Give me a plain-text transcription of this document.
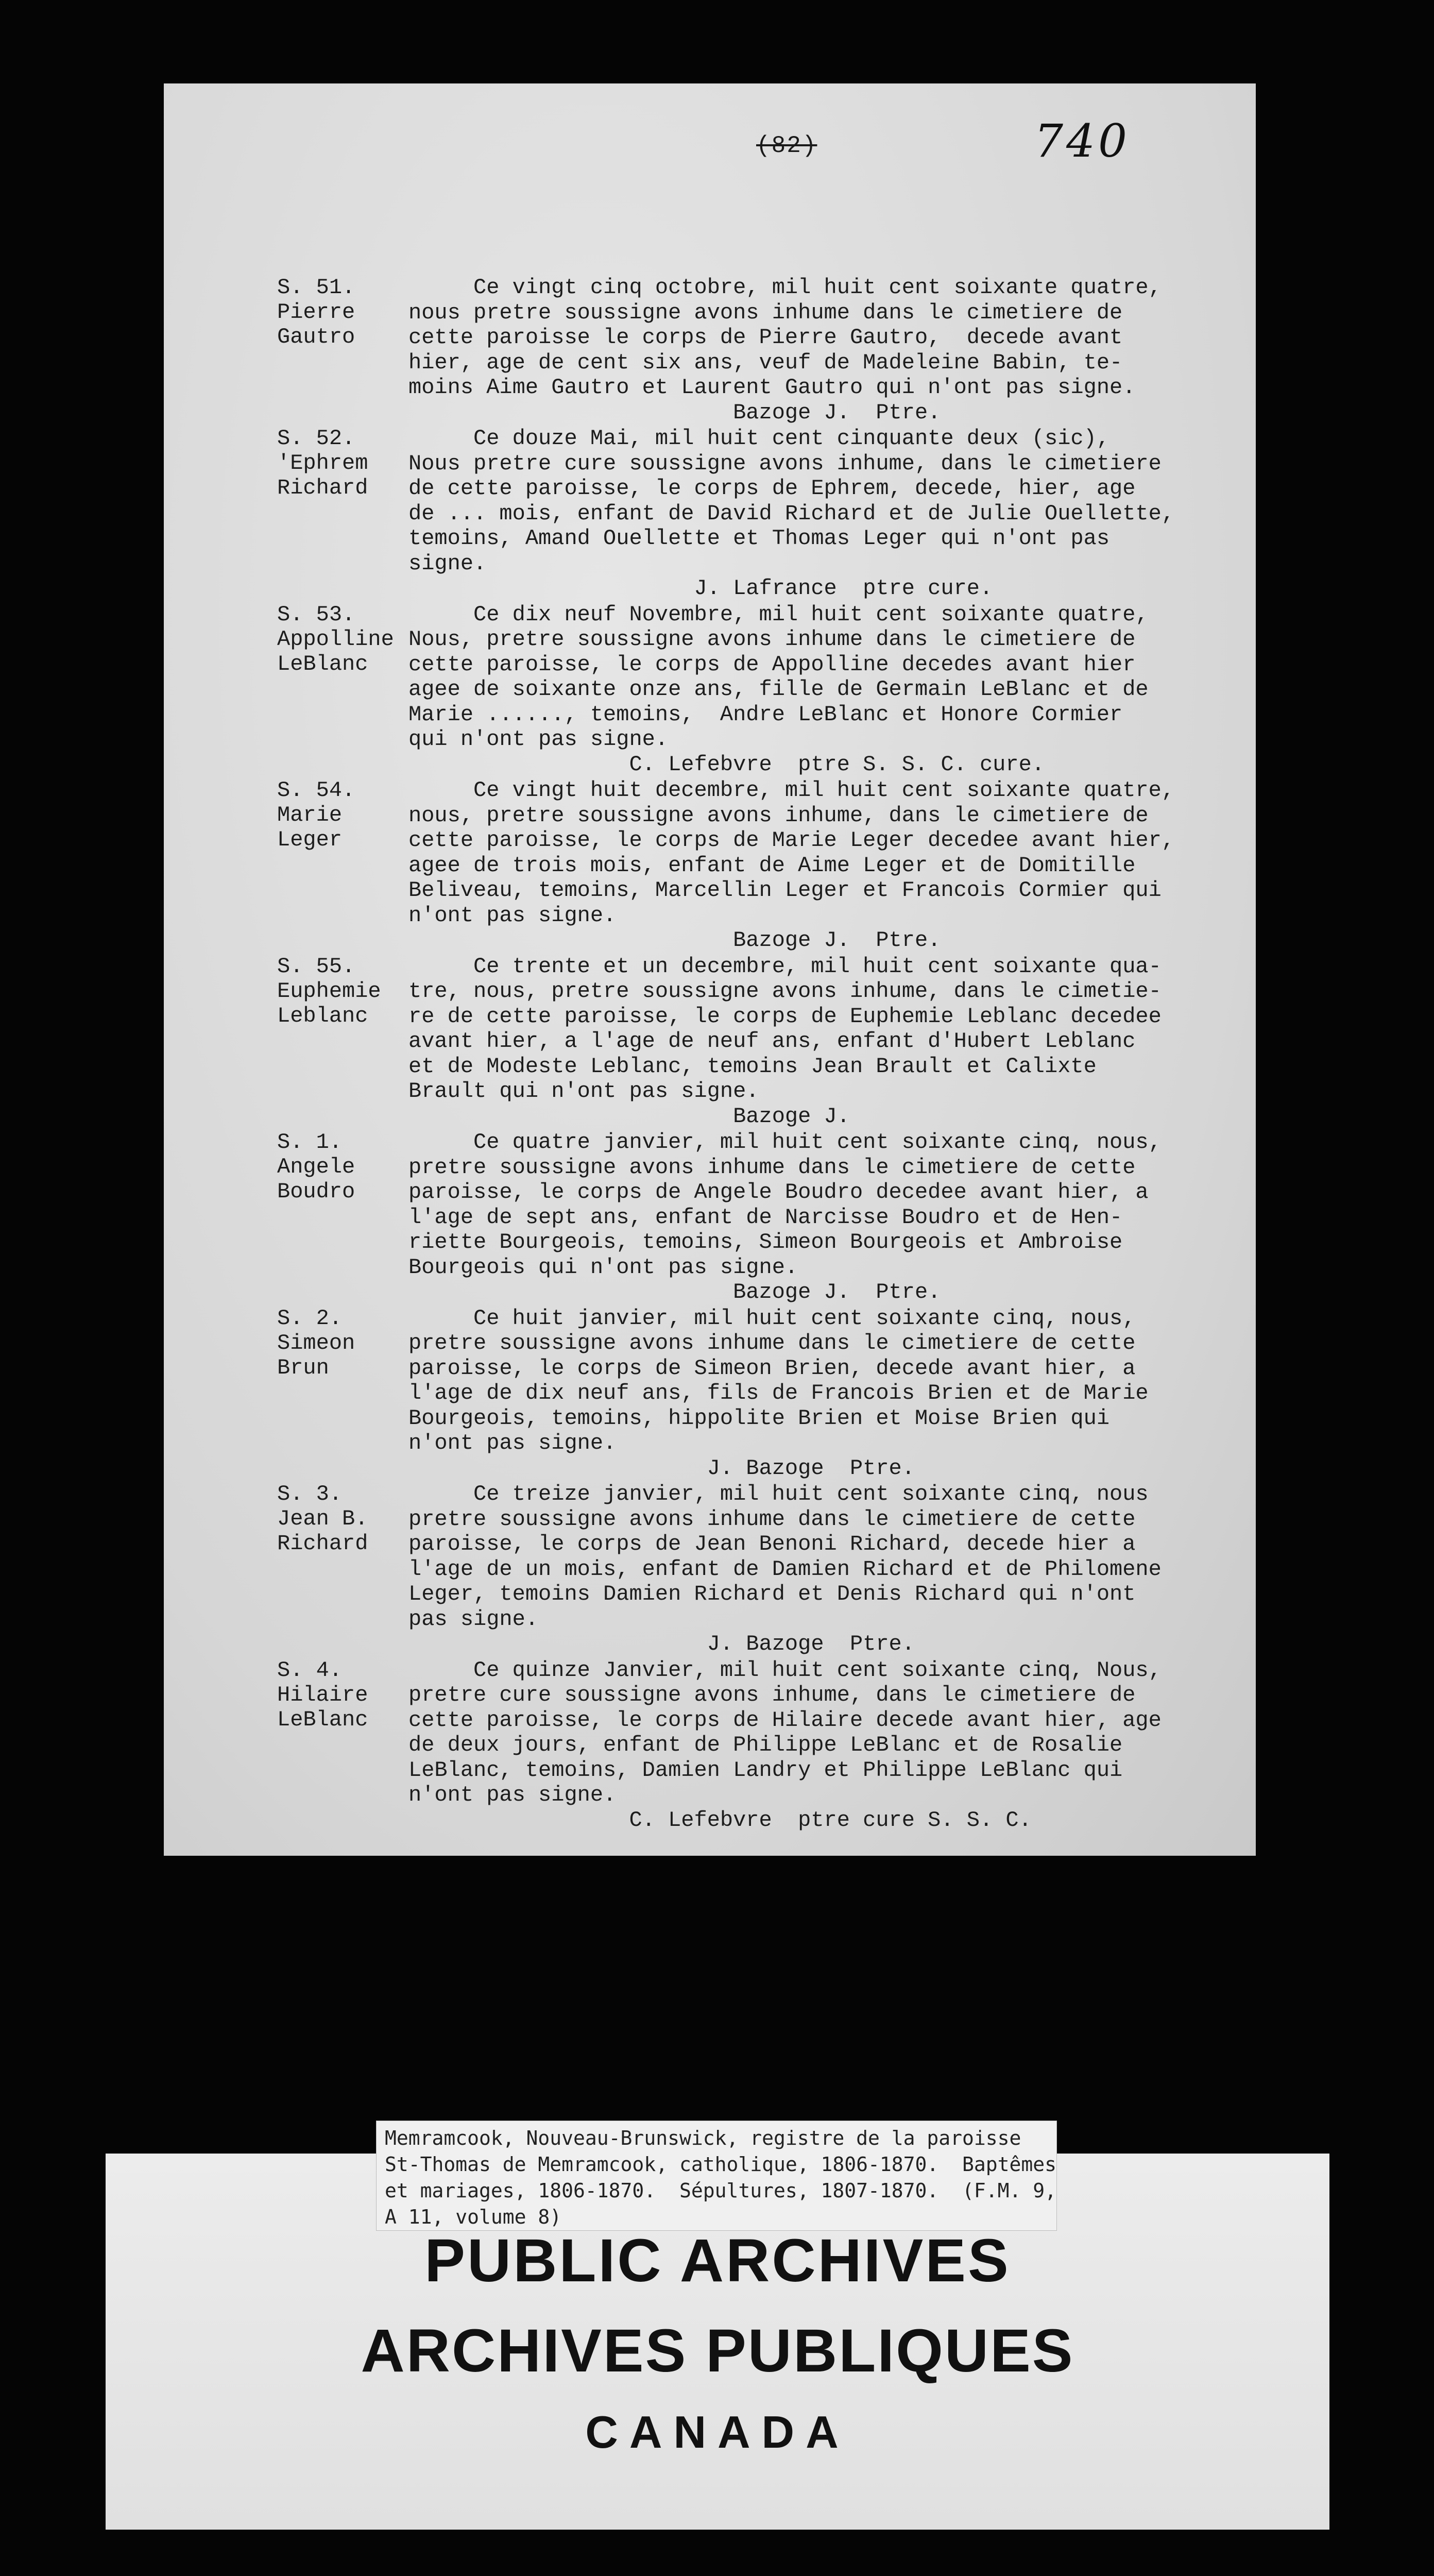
(82)	740
S. 51.
Pierre
Gautro
Ce vingt cinq octobre, mil huit cent soixante quatre,
nous pretre soussigne avons inhume dans le cimetiere de
cette paroisse le corps de Pierre Gautro,  decede avant
hier, age de cent six ans, veuf de Madeleine Babin, te-
moins Aime Gautro et Laurent Gautro qui n'ont pas signe.
Bazoge J.  Ptre.
S. 52.
'Ephrem
Richard
Ce douze Mai, mil huit cent cinquante deux (sic),
Nous pretre cure soussigne avons inhume, dans le cimetiere
de cette paroisse, le corps de Ephrem, decede, hier, age
de ... mois, enfant de David Richard et de Julie Ouellette,
temoins, Amand Ouellette et Thomas Leger qui n'ont pas
signe.
J. Lafrance  ptre cure.
S. 53.
Appolline
LeBlanc
Ce dix neuf Novembre, mil huit cent soixante quatre,
Nous, pretre soussigne avons inhume dans le cimetiere de
cette paroisse, le corps de Appolline decedes avant hier
agee de soixante onze ans, fille de Germain LeBlanc et de
Marie ......, temoins,  Andre LeBlanc et Honore Cormier
qui n'ont pas signe.
C. Lefebvre  ptre S. S. C. cure.
S. 54.
Marie
Leger
Ce vingt huit decembre, mil huit cent soixante quatre,
nous, pretre soussigne avons inhume, dans le cimetiere de
cette paroisse, le corps de Marie Leger decedee avant hier,
agee de trois mois, enfant de Aime Leger et de Domitille
Beliveau, temoins, Marcellin Leger et Francois Cormier qui
n'ont pas signe.
Bazoge J.  Ptre.
S. 55.
Euphemie
Leblanc
Ce trente et un decembre, mil huit cent soixante qua-
tre, nous, pretre soussigne avons inhume, dans le cimetie-
re de cette paroisse, le corps de Euphemie Leblanc decedee
avant hier, a l'age de neuf ans, enfant d'Hubert Leblanc
et de Modeste Leblanc, temoins Jean Brault et Calixte
Brault qui n'ont pas signe.
Bazoge J.
S. 1.
Angele
Boudro
Ce quatre janvier, mil huit cent soixante cinq, nous,
pretre soussigne avons inhume dans le cimetiere de cette
paroisse, le corps de Angele Boudro decedee avant hier, a
l'age de sept ans, enfant de Narcisse Boudro et de Hen-
riette Bourgeois, temoins, Simeon Bourgeois et Ambroise
Bourgeois qui n'ont pas signe.
Bazoge J.  Ptre.
S. 2.
Simeon
Brun
Ce huit janvier, mil huit cent soixante cinq, nous,
pretre soussigne avons inhume dans le cimetiere de cette
paroisse, le corps de Simeon Brien, decede avant hier, a
l'age de dix neuf ans, fils de Francois Brien et de Marie
Bourgeois, temoins, hippolite Brien et Moise Brien qui
n'ont pas signe.
J. Bazoge  Ptre.
S. 3.
Jean B.
Richard
Ce treize janvier, mil huit cent soixante cinq, nous
pretre soussigne avons inhume dans le cimetiere de cette
paroisse, le corps de Jean Benoni Richard, decede hier a
l'age de un mois, enfant de Damien Richard et de Philomene
Leger, temoins Damien Richard et Denis Richard qui n'ont
pas signe.
J. Bazoge  Ptre.
S. 4.
Hilaire
LeBlanc
Ce quinze Janvier, mil huit cent soixante cinq, Nous,
pretre cure soussigne avons inhume, dans le cimetiere de
cette paroisse, le corps de Hilaire decede avant hier, age
de deux jours, enfant de Philippe LeBlanc et de Rosalie
LeBlanc, temoins, Damien Landry et Philippe LeBlanc qui
n'ont pas signe.
C. Lefebvre  ptre cure S. S. C.
Memramcook, Nouveau-Brunswick, registre de la paroisse
St-Thomas de Memramcook, catholique, 1806-1870.  Baptêmes
et mariages, 1806-1870.  Sépultures, 1807-1870.  (F.M. 9,
A 11, volume 8)
PUBLIC ARCHIVES
ARCHIVES PUBLIQUES
CANADA
